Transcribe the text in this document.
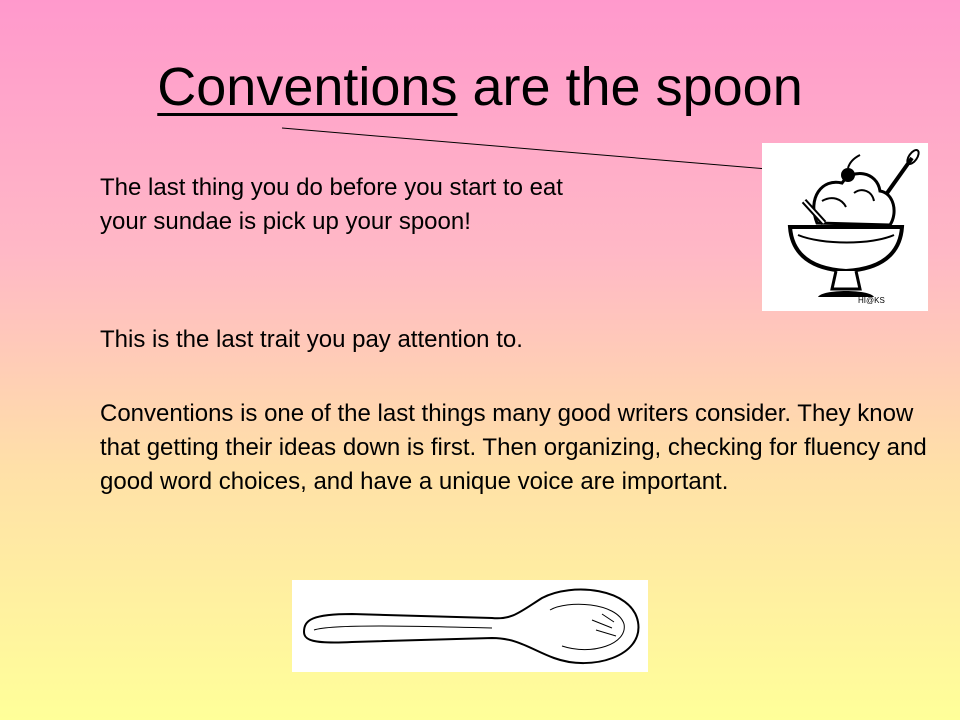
Conventions are the spoon
The last thing you do before you start to eat your sundae is pick up your spoon!
This is the last trait you pay attention to.
Conventions is one of the last things many good writers consider. They know that getting their ideas down is first. Then organizing, checking for fluency and good word choices, and have a unique voice are important.
HI@KS
